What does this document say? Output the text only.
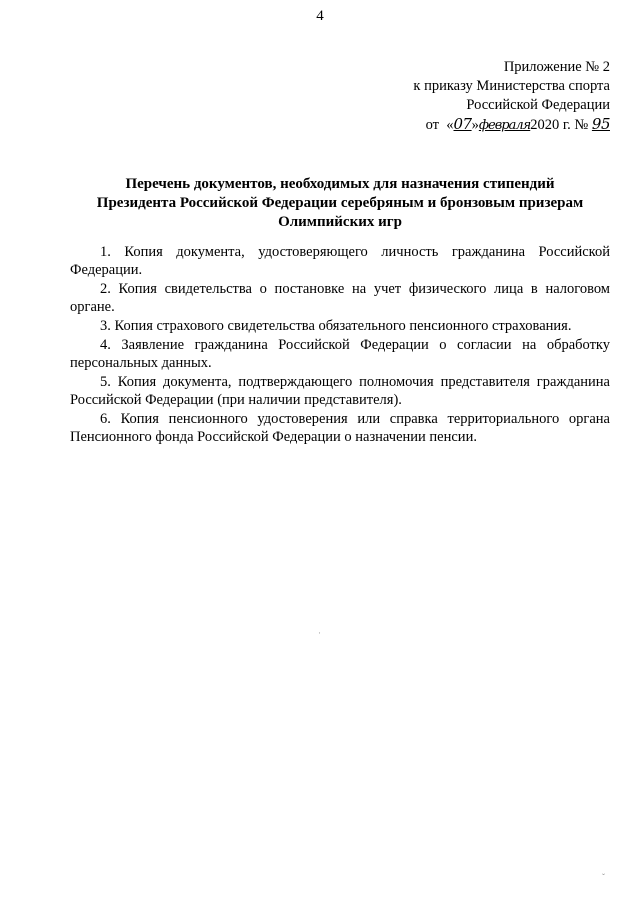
4
Приложение № 2
к приказу Министерства спорта
Российской Федерации
от «07»февраля2020 г. № 95
Перечень документов, необходимых для назначения стипендий
Президента Российской Федерации серебряным и бронзовым призерам
Олимпийских игр
1. Копия документа, удостоверяющего личность гражданина Российской Федерации.
2. Копия свидетельства о постановке на учет физического лица в налоговом органе.
3. Копия страхового свидетельства обязательного пенсионного страхования.
4. Заявление гражданина Российской Федерации о согласии на обработку персональных данных.
5. Копия документа, подтверждающего полномочия представителя гражданина Российской Федерации (при наличии представителя).
6. Копия пенсионного удостоверения или справка территориального органа Пенсионного фонда Российской Федерации о назначении пенсии.
·
ˇ
